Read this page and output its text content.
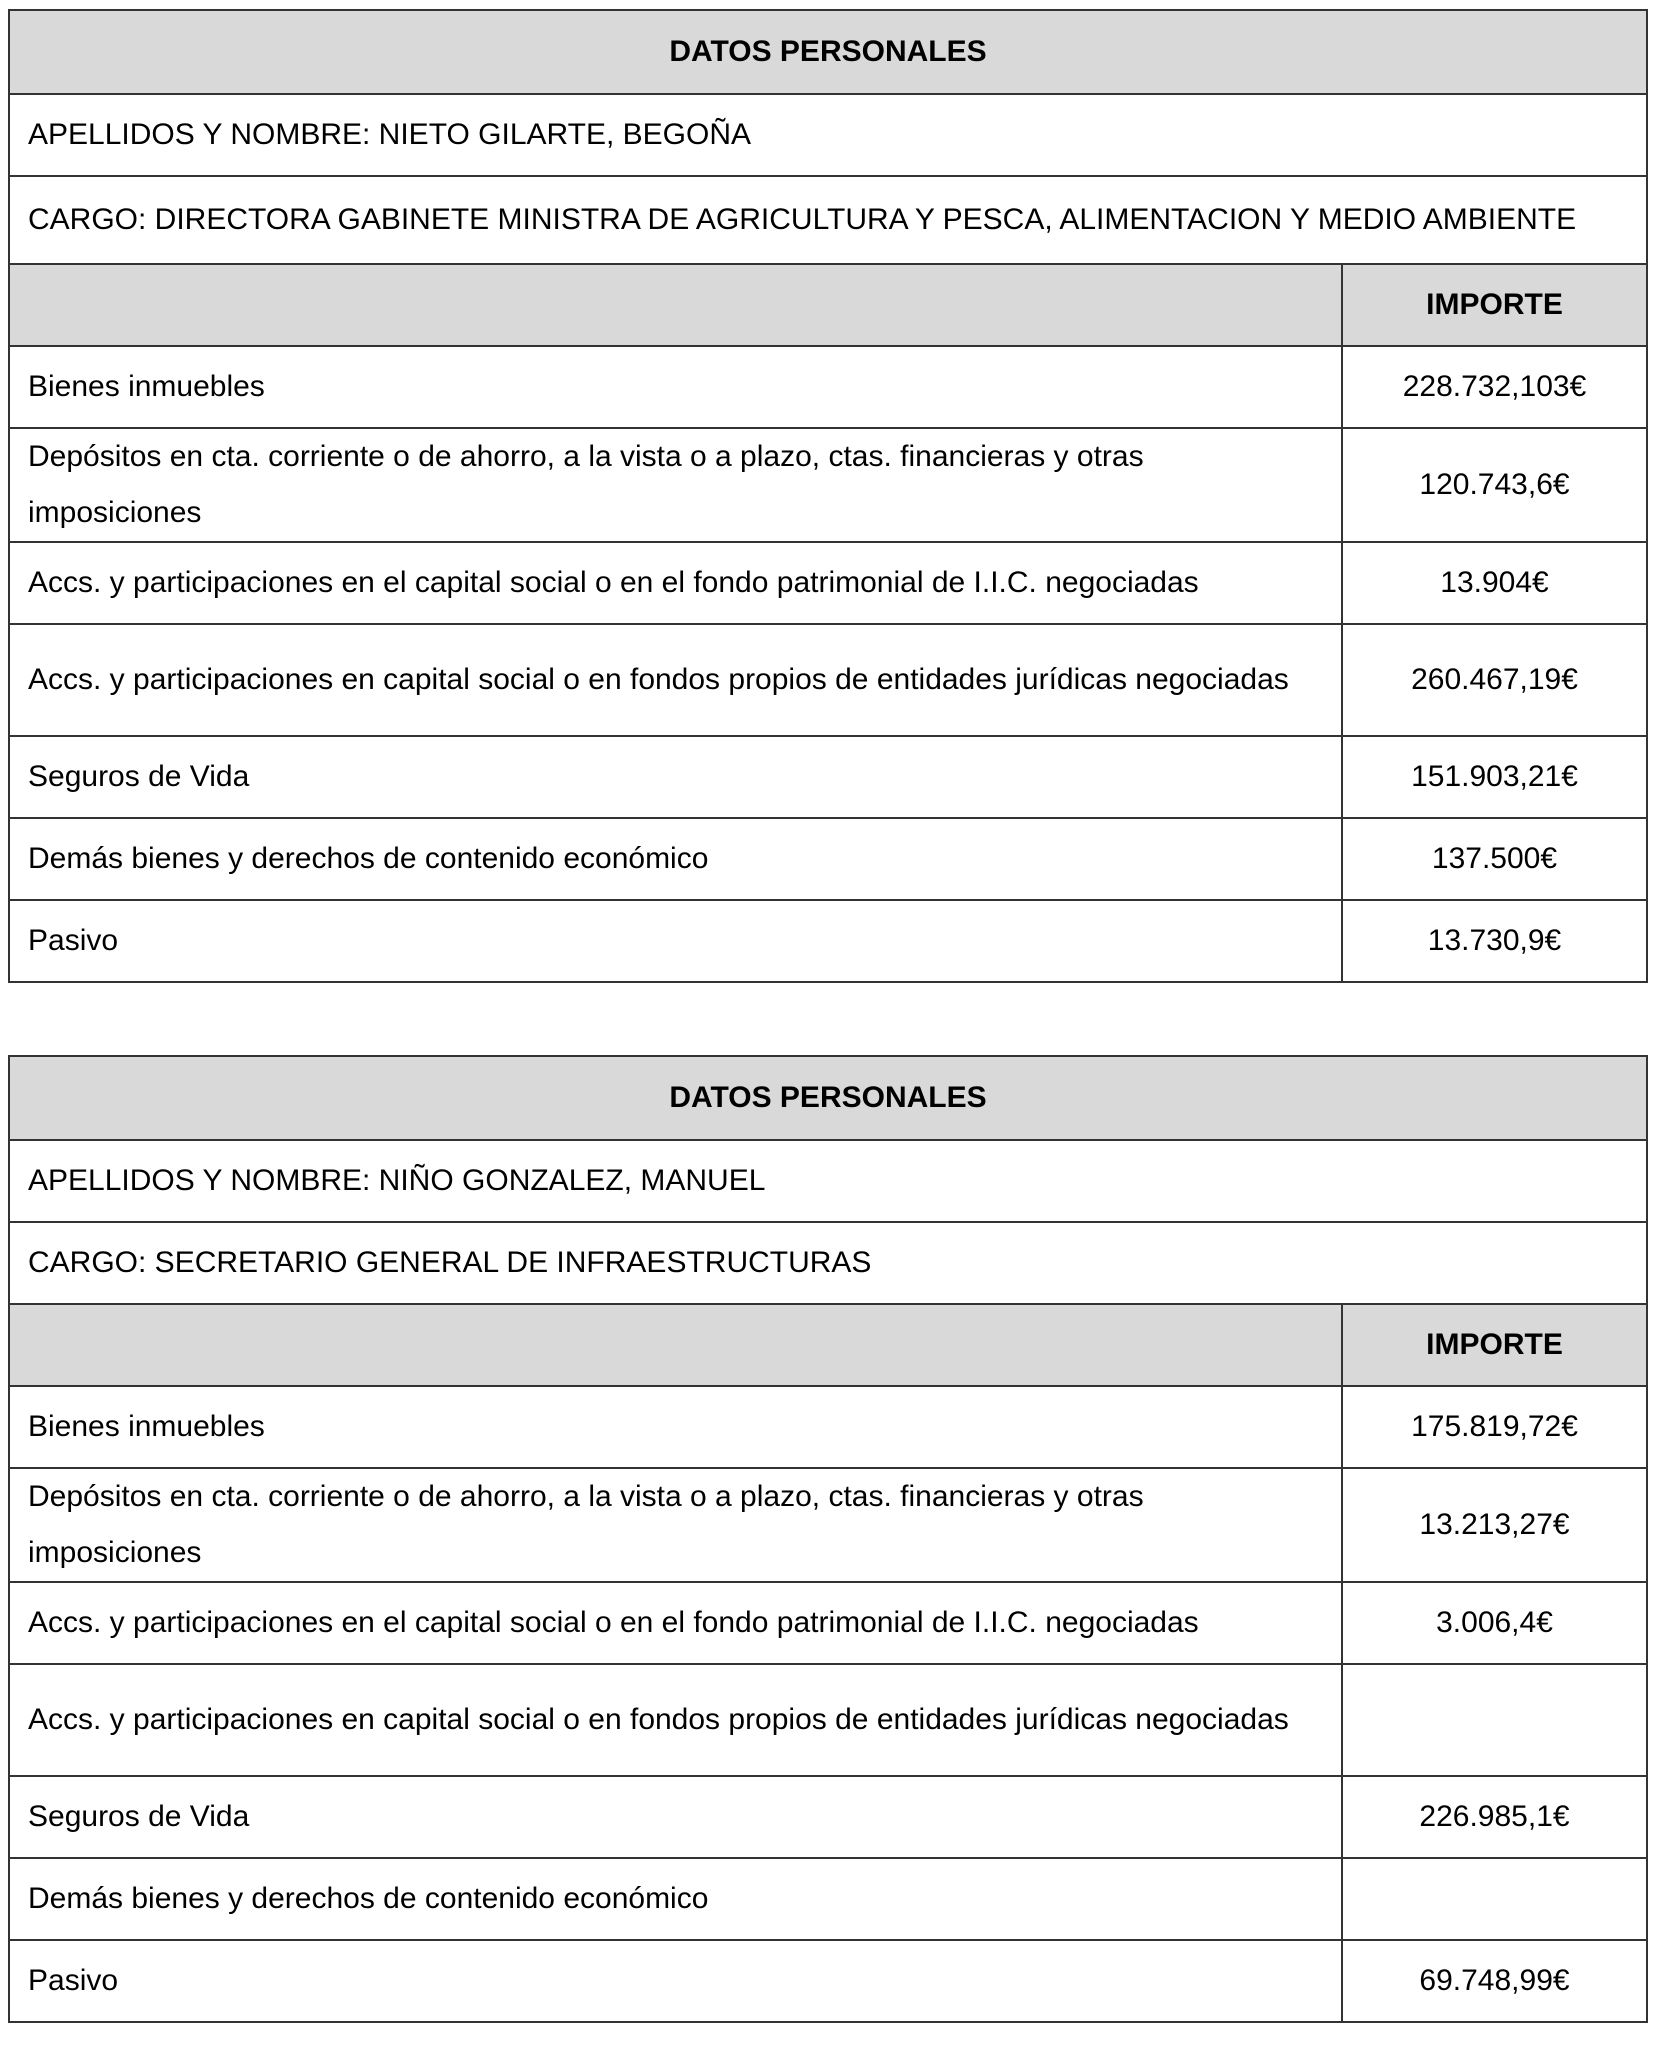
DATOS PERSONALES	
APELLIDOS Y NOMBRE: NIETO GILARTE, BEGOÑA	
CARGO: DIRECTORA GABINETE MINISTRA DE AGRICULTURA Y PESCA, ALIMENTACION Y MEDIO AMBIENTE	
	IMPORTE
Bienes inmuebles	228.732,103€
Depósitos en cta. corriente o de ahorro, a la vista o a plazo, ctas. financieras y otras imposiciones	120.743,6€
Accs. y participaciones en el capital social o en el fondo patrimonial de I.I.C. negociadas	13.904€
Accs. y participaciones en capital social o en fondos propios de entidades jurídicas negociadas	260.467,19€
Seguros de Vida	151.903,21€
Demás bienes y derechos de contenido económico	137.500€
Pasivo	13.730,9€
DATOS PERSONALES	
APELLIDOS Y NOMBRE: NIÑO GONZALEZ, MANUEL	
CARGO: SECRETARIO GENERAL DE INFRAESTRUCTURAS	
	IMPORTE
Bienes inmuebles	175.819,72€
Depósitos en cta. corriente o de ahorro, a la vista o a plazo, ctas. financieras y otras imposiciones	13.213,27€
Accs. y participaciones en el capital social o en el fondo patrimonial de I.I.C. negociadas	3.006,4€
Accs. y participaciones en capital social o en fondos propios de entidades jurídicas negociadas	
Seguros de Vida	226.985,1€
Demás bienes y derechos de contenido económico	
Pasivo	69.748,99€
